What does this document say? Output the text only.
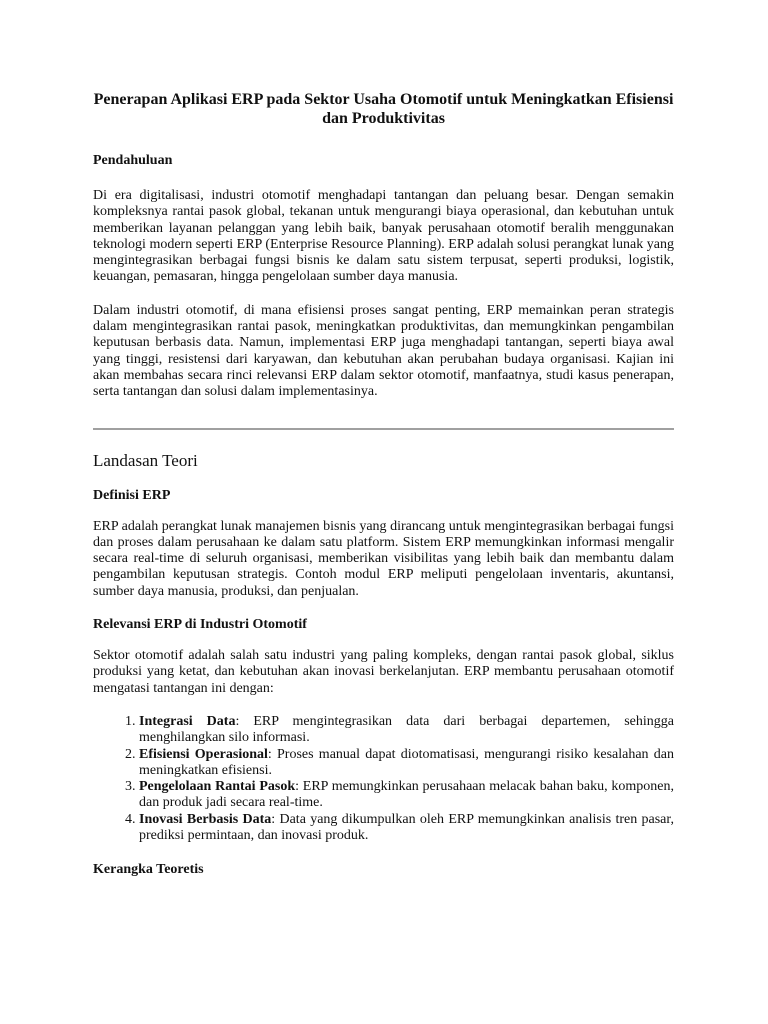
Penerapan Aplikasi ERP pada Sektor Usaha Otomotif untuk Meningkatkan Efisiensi dan Produktivitas
Pendahuluan

Di era digitalisasi, industri otomotif menghadapi tantangan dan peluang besar. Dengan semakin kompleksnya rantai pasok global, tekanan untuk mengurangi biaya operasional, dan kebutuhan untuk memberikan layanan pelanggan yang lebih baik, banyak perusahaan otomotif beralih menggunakan teknologi modern seperti ERP (Enterprise Resource Planning). ERP adalah solusi perangkat lunak yang mengintegrasikan berbagai fungsi bisnis ke dalam satu sistem terpusat, seperti produksi, logistik, keuangan, pemasaran, hingga pengelolaan sumber daya manusia.

Dalam industri otomotif, di mana efisiensi proses sangat penting, ERP memainkan peran strategis dalam mengintegrasikan rantai pasok, meningkatkan produktivitas, dan memungkinkan pengambilan keputusan berbasis data. Namun, implementasi ERP juga menghadapi tantangan, seperti biaya awal yang tinggi, resistensi dari karyawan, dan kebutuhan akan perubahan budaya organisasi. Kajian ini akan membahas secara rinci relevansi ERP dalam sektor otomotif, manfaatnya, studi kasus penerapan, serta tantangan dan solusi dalam implementasinya.

Landasan Teori
Definisi ERP

ERP adalah perangkat lunak manajemen bisnis yang dirancang untuk mengintegrasikan berbagai fungsi dan proses dalam perusahaan ke dalam satu platform. Sistem ERP memungkinkan informasi mengalir secara real-time di seluruh organisasi, memberikan visibilitas yang lebih baik dan membantu dalam pengambilan keputusan strategis. Contoh modul ERP meliputi pengelolaan inventaris, akuntansi, sumber daya manusia, produksi, dan penjualan.

Relevansi ERP di Industri Otomotif

Sektor otomotif adalah salah satu industri yang paling kompleks, dengan rantai pasok global, siklus produksi yang ketat, dan kebutuhan akan inovasi berkelanjutan. ERP membantu perusahaan otomotif mengatasi tantangan ini dengan:

1. Integrasi Data: ERP mengintegrasikan data dari berbagai departemen, sehingga menghilangkan silo informasi.
2. Efisiensi Operasional: Proses manual dapat diotomatisasi, mengurangi risiko kesalahan dan meningkatkan efisiensi.
3. Pengelolaan Rantai Pasok: ERP memungkinkan perusahaan melacak bahan baku, komponen, dan produk jadi secara real-time.
4. Inovasi Berbasis Data: Data yang dikumpulkan oleh ERP memungkinkan analisis tren pasar, prediksi permintaan, dan inovasi produk.
Kerangka Teoretis
